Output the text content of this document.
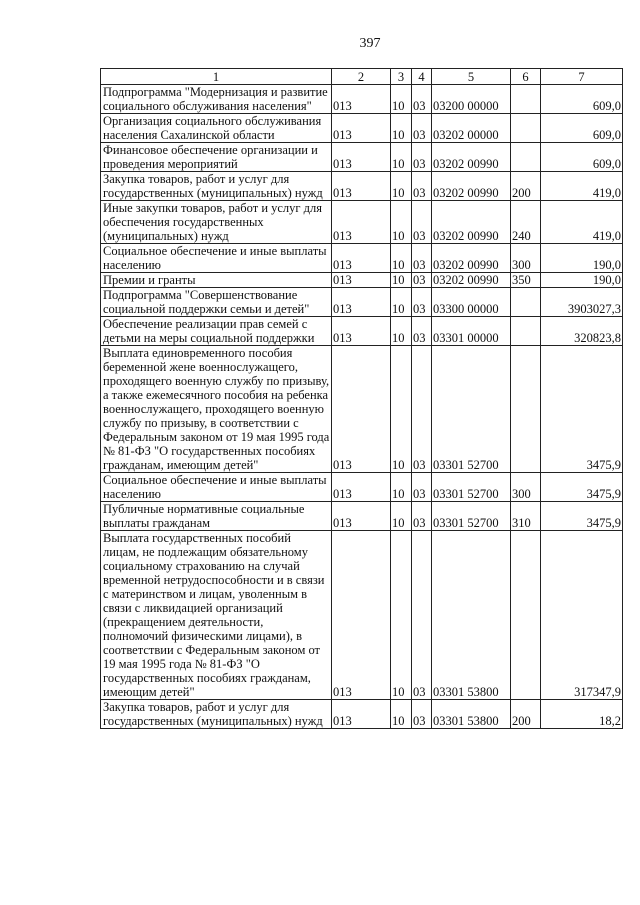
397
1	2	3	4	5	6	7
Подпрограмма "Модернизация и развитие социального обслуживания населения"	013	10	03	03200 00000		609,0
Организация социального обслуживания населения Сахалинской области	013	10	03	03202 00000		609,0
Финансовое обеспечение организации и проведения мероприятий	013	10	03	03202 00990		609,0
Закупка товаров, работ и услуг для государственных (муниципальных) нужд	013	10	03	03202 00990	200	419,0
Иные закупки товаров, работ и услуг для обеспечения государственных (муниципальных) нужд	013	10	03	03202 00990	240	419,0
Социальное обеспечение и иные выплаты населению	013	10	03	03202 00990	300	190,0
Премии и гранты	013	10	03	03202 00990	350	190,0
Подпрограмма "Совершенствование социальной поддержки семьи и детей"	013	10	03	03300 00000		3903027,3
Обеспечение реализации прав семей с детьми на меры социальной поддержки	013	10	03	03301 00000		320823,8
Выплата единовременного пособия беременной жене военнослужащего, проходящего военную службу по призыву, а также ежемесячного пособия на ребенка военнослужащего, проходящего военную службу по призыву, в соответствии с Федеральным законом от 19 мая 1995 года № 81-ФЗ "О государственных пособиях гражданам, имеющим детей"	013	10	03	03301 52700		3475,9
Социальное обеспечение и иные выплаты населению	013	10	03	03301 52700	300	3475,9
Публичные нормативные социальные выплаты гражданам	013	10	03	03301 52700	310	3475,9
Выплата государственных пособий лицам, не подлежащим обязательному социальному страхованию на случай временной нетрудоспособности и в связи с материнством и лицам, уволенным в связи с ликвидацией организаций (прекращением деятельности, полномочий физическими лицами), в соответствии с Федеральным законом от 19 мая 1995 года № 81-ФЗ "О государственных пособиях гражданам, имеющим детей"	013	10	03	03301 53800		317347,9
Закупка товаров, работ и услуг для государственных (муниципальных) нужд	013	10	03	03301 53800	200	18,2
